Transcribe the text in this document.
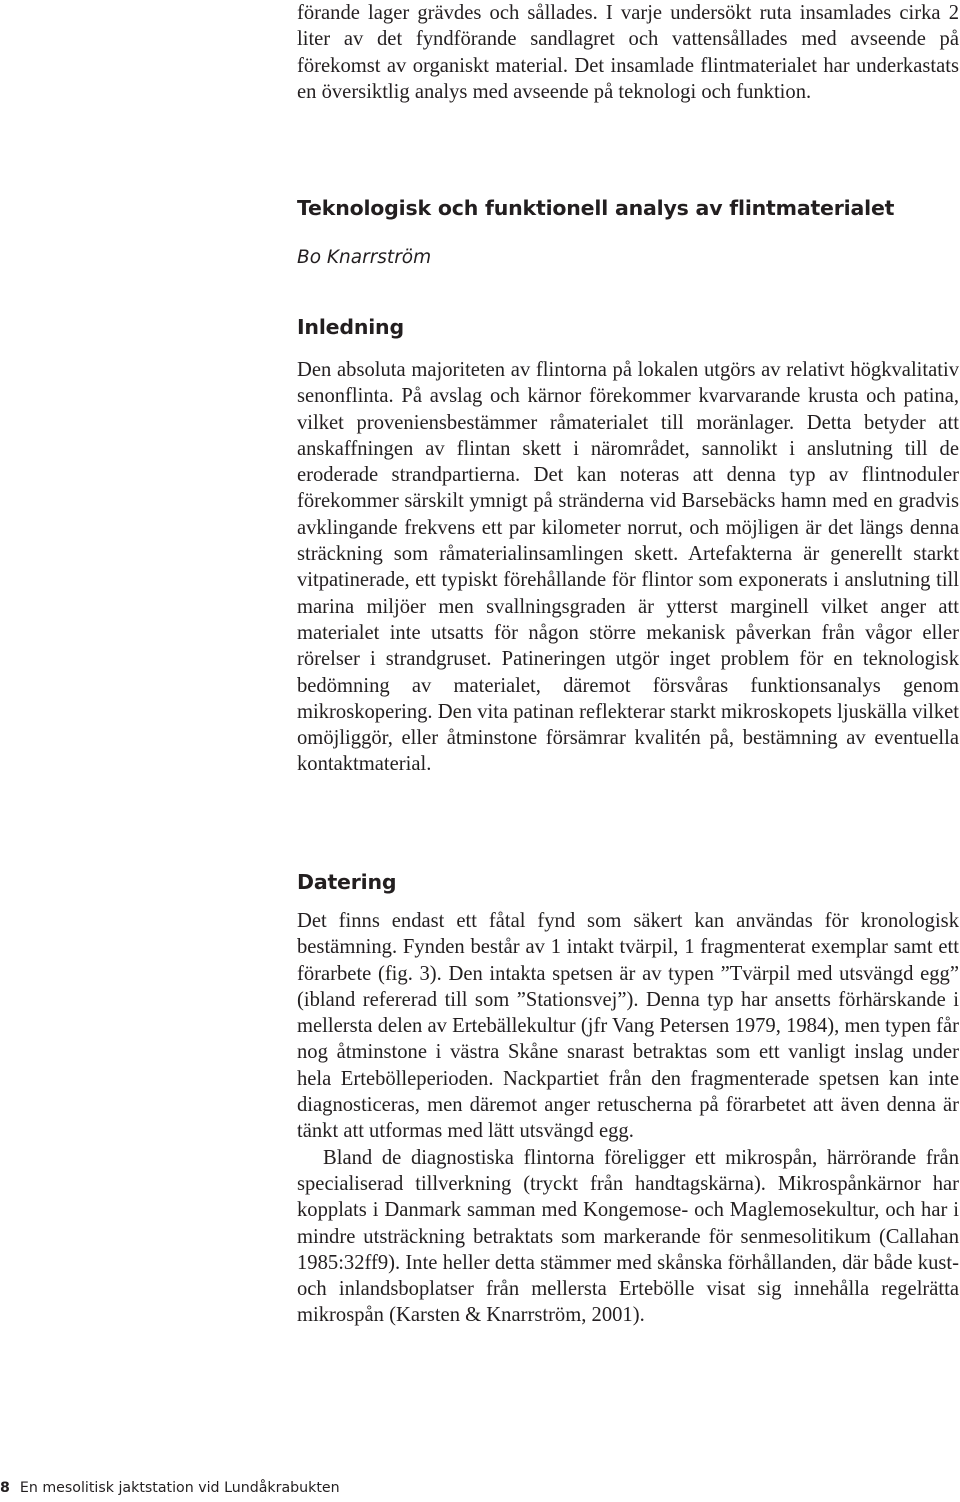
förande lager grävdes och sållades. I varje undersökt ruta insamlades cirka 2 liter av det fyndförande sandlagret och vattensållades med avseende på förekomst av organiskt material. Det insamlade flintmaterialet har underkastats en översiktlig analys med avseende på teknologi och funktion.

Teknologisk och funktionell analys av flintmaterialet

Bo Knarrström

Inledning

Den absoluta majoriteten av flintorna på lokalen utgörs av relativt högkvalitativ senonflinta. På avslag och kärnor förekommer kvarvarande krusta och patina, vilket proveniensbestämmer råmaterialet till moränlager. Detta betyder att anskaffningen av flintan skett i närområdet, sannolikt i anslutning till de eroderade strandpartierna. Det kan noteras att denna typ av flintnoduler förekommer särskilt ymnigt på stränderna vid Barsebäcks hamn med en gradvis avklingande frekvens ett par kilometer norrut, och möjligen är det längs denna sträckning som råmaterialinsamlingen skett. Artefakterna är generellt starkt vitpatinerade, ett typiskt förehållande för flintor som exponerats i anslutning till marina miljöer men svallningsgraden är ytterst marginell vilket anger att materialet inte utsatts för någon större mekanisk påverkan från vågor eller rörelser i strandgruset. Patineringen utgör inget problem för en teknologisk bedömning av materialet, däremot försvåras funktionsanalys genom mikroskopering. Den vita patinan reflekterar starkt mikroskopets ljuskälla vilket omöjliggör, eller åtminstone försämrar kvalitén på, bestämning av eventuella kontaktmaterial.

Datering

Det finns endast ett fåtal fynd som säkert kan användas för kronologisk bestämning. Fynden består av 1 intakt tvärpil, 1 fragmenterat exemplar samt ett förarbete (fig. 3). Den intakta spetsen är av typen ”Tvärpil med utsvängd egg” (ibland refererad till som ”Stationsvej”). Denna typ har ansetts förhärskande i mellersta delen av Ertebällekultur (jfr Vang Petersen 1979, 1984), men typen får nog åtminstone i västra Skåne snarast betraktas som ett vanligt inslag under hela Ertebölleperioden. Nackpartiet från den fragmenterade spetsen kan inte diagnosticeras, men däremot anger retuscherna på förarbetet att även denna är tänkt att utformas med lätt utsvängd egg.

Bland de diagnostiska flintorna föreligger ett mikrospån, härrörande från specialiserad tillverkning (tryckt från handtagskärna). Mikrospånkärnor har kopplats i Danmark samman med Kongemose- och Maglemosekultur, och har i mindre utsträckning betraktats som markerande för senmesolitikum (Callahan 1985:32ff9). Inte heller detta stämmer med skånska förhållanden, där både kust- och inlandsboplatser från mellersta Ertebölle visat sig innehålla regelrätta mikrospån (Karsten & Knarrström, 2001).

8 En mesolitisk jaktstation vid Lundåkrabukten
